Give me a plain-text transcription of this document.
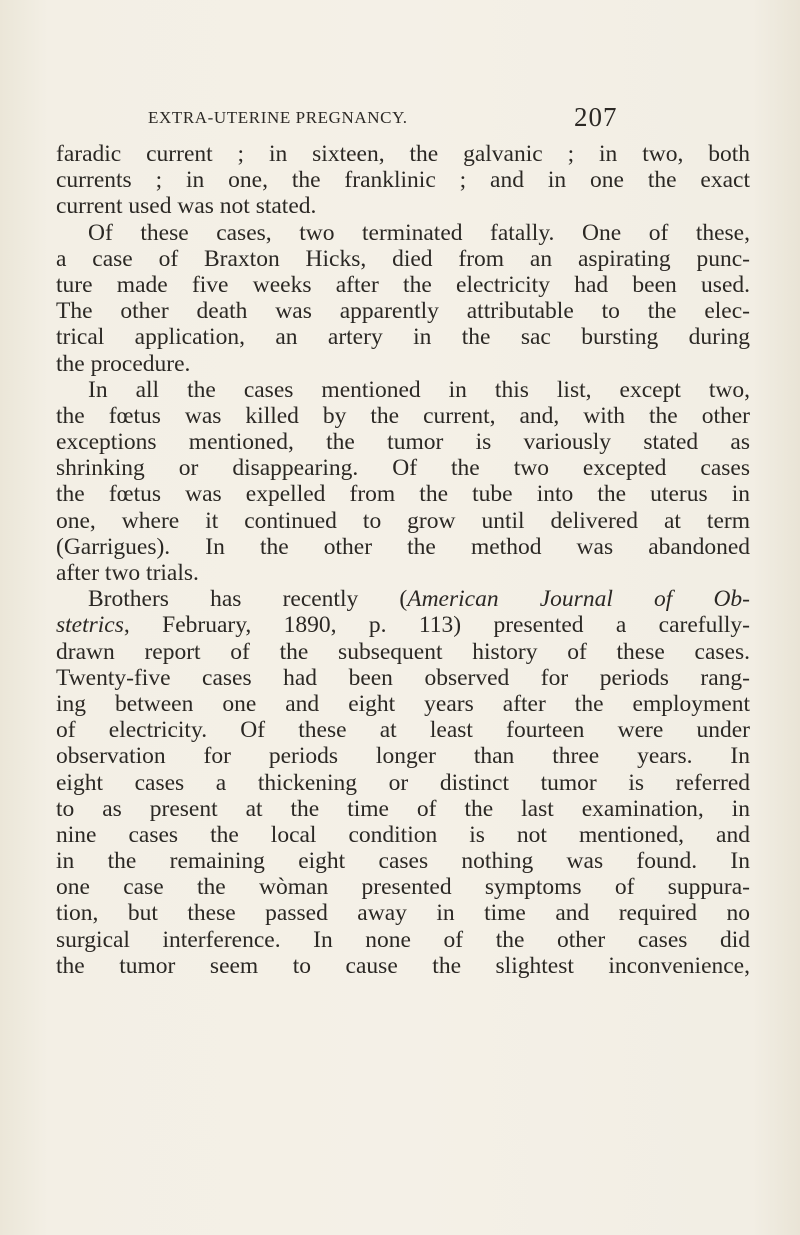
EXTRA-UTERINE PREGNANCY.	207
faradic current ; in sixteen, the galvanic ; in two, both
currents ; in one, the franklinic ; and in one the exact
current used was not stated.
Of these cases, two terminated fatally. One of these,
a case of Braxton Hicks, died from an aspirating punc-
ture made five weeks after the electricity had been used.
The other death was apparently attributable to the elec-
trical application, an artery in the sac bursting during
the procedure.
In all the cases mentioned in this list, except two,
the fœtus was killed by the current, and, with the other
exceptions mentioned, the tumor is variously stated as
shrinking or disappearing. Of the two excepted cases
the fœtus was expelled from the tube into the uterus in
one, where it continued to grow until delivered at term
(Garrigues). In the other the method was abandoned
after two trials.
Brothers has recently (American Journal of Ob-
stetrics, February, 1890, p. 113) presented a carefully-
drawn report of the subsequent history of these cases.
Twenty-five cases had been observed for periods rang-
ing between one and eight years after the employment
of electricity. Of these at least fourteen were under
observation for periods longer than three years. In
eight cases a thickening or distinct tumor is referred
to as present at the time of the last examination, in
nine cases the local condition is not mentioned, and
in the remaining eight cases nothing was found. In
one case the wòman presented symptoms of suppura-
tion, but these passed away in time and required no
surgical interference. In none of the other cases did
the tumor seem to cause the slightest inconvenience,
